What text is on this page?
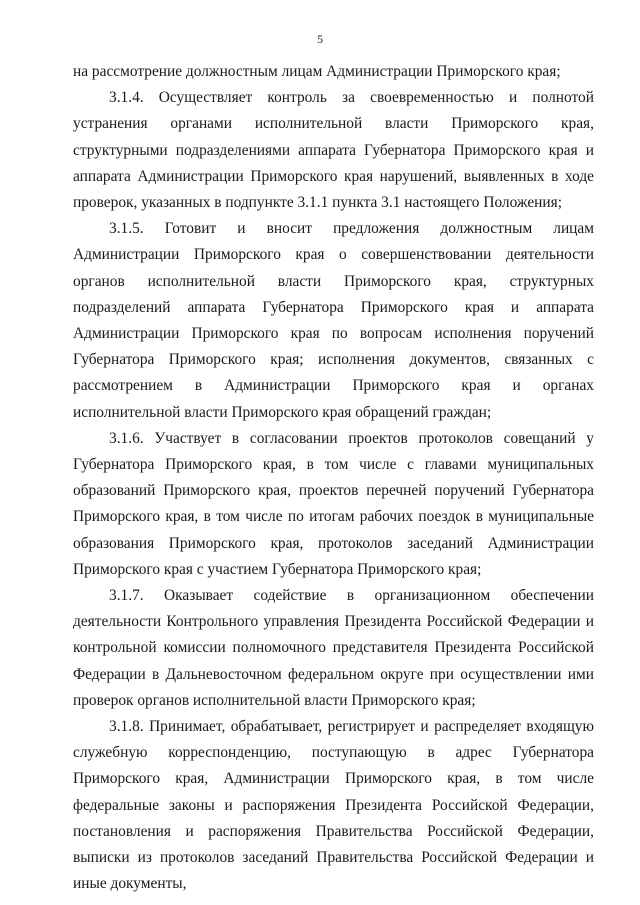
5

на рассмотрение должностным лицам Администрации Приморского края;

3.1.4. Осуществляет контроль за своевременностью и полнотой устранения органами исполнительной власти Приморского края, структурными подразделениями аппарата Губернатора Приморского края и аппарата Администрации Приморского края нарушений, выявленных в ходе проверок, указанных в подпункте 3.1.1 пункта 3.1 настоящего Положения;

3.1.5. Готовит и вносит предложения должностным лицам Администрации Приморского края о совершенствовании деятельности органов исполнительной власти Приморского края, структурных подразделений аппарата Губернатора Приморского края и аппарата Администрации Приморского края по вопросам исполнения поручений Губернатора Приморского края; исполнения документов, связанных с рассмотрением в Администрации Приморского края и органах исполнительной власти Приморского края обращений граждан;

3.1.6. Участвует в согласовании проектов протоколов совещаний у Губернатора Приморского края, в том числе с главами муниципальных образований Приморского края, проектов перечней поручений Губернатора Приморского края, в том числе по итогам рабочих поездок в муниципальные образования Приморского края, протоколов заседаний Администрации Приморского края с участием Губернатора Приморского края;

3.1.7. Оказывает содействие в организационном обеспечении деятельности Контрольного управления Президента Российской Федерации и контрольной комиссии полномочного представителя Президента Российской Федерации в Дальневосточном федеральном округе при осуществлении ими проверок органов исполнительной власти Приморского края;

3.1.8. Принимает, обрабатывает, регистрирует и распределяет входящую служебную корреспонденцию, поступающую в адрес Губернатора Приморского края, Администрации Приморского края, в том числе федеральные законы и распоряжения Президента Российской Федерации, постановления и распоряжения Правительства Российской Федерации, выписки из протоколов заседаний Правительства Российской Федерации и иные документы,
